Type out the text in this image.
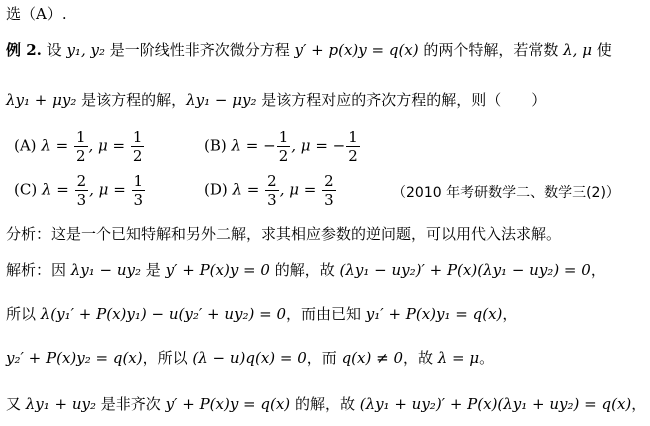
选（A）.
例 2. 设 y₁, y₂ 是一阶线性非齐次微分方程 y′ + p(x)y = q(x) 的两个特解，若常数 λ, μ 使
λy₁ + μy₂ 是该方程的解，λy₁ − μy₂ 是该方程对应的齐次方程的解，则（　　）
(A) $\lambda = \frac{1}{2}$ , $\mu = \frac{1}{2}$	(B) λ = − $\frac{1}{2}$ , μ = − $\frac{1}{2}$
(C) $\lambda = \frac{2}{3}$ , $\mu = \frac{1}{3}$	(D) $\lambda = \frac{2}{3}$ , $\mu = \frac{2}{3}$	（2010 年考研数学二、数学三(2)）
分析：这是一个已知特解和另外二解，求其相应参数的逆问题，可以用代入法求解。
解析：因 λy₁ − uy₂ 是 y′ + P(x)y = 0 的解，故 (λy₁ − uy₂)′ + P(x)(λy₁ − uy₂) = 0，
所以 λ(y₁′ + P(x)y₁) − u(y₂′ + uy₂) = 0，而由已知 y₁′ + P(x)y₁ = q(x)，
y₂′ + P(x)y₂ = q(x)，所以 (λ − u)q(x) = 0，而 q(x) ≠ 0，故 λ = μ。
又 λy₁ + uy₂ 是非齐次 y′ + P(x)y = q(x) 的解，故 (λy₁ + uy₂)′ + P(x)(λy₁ + uy₂) = q(x)，
